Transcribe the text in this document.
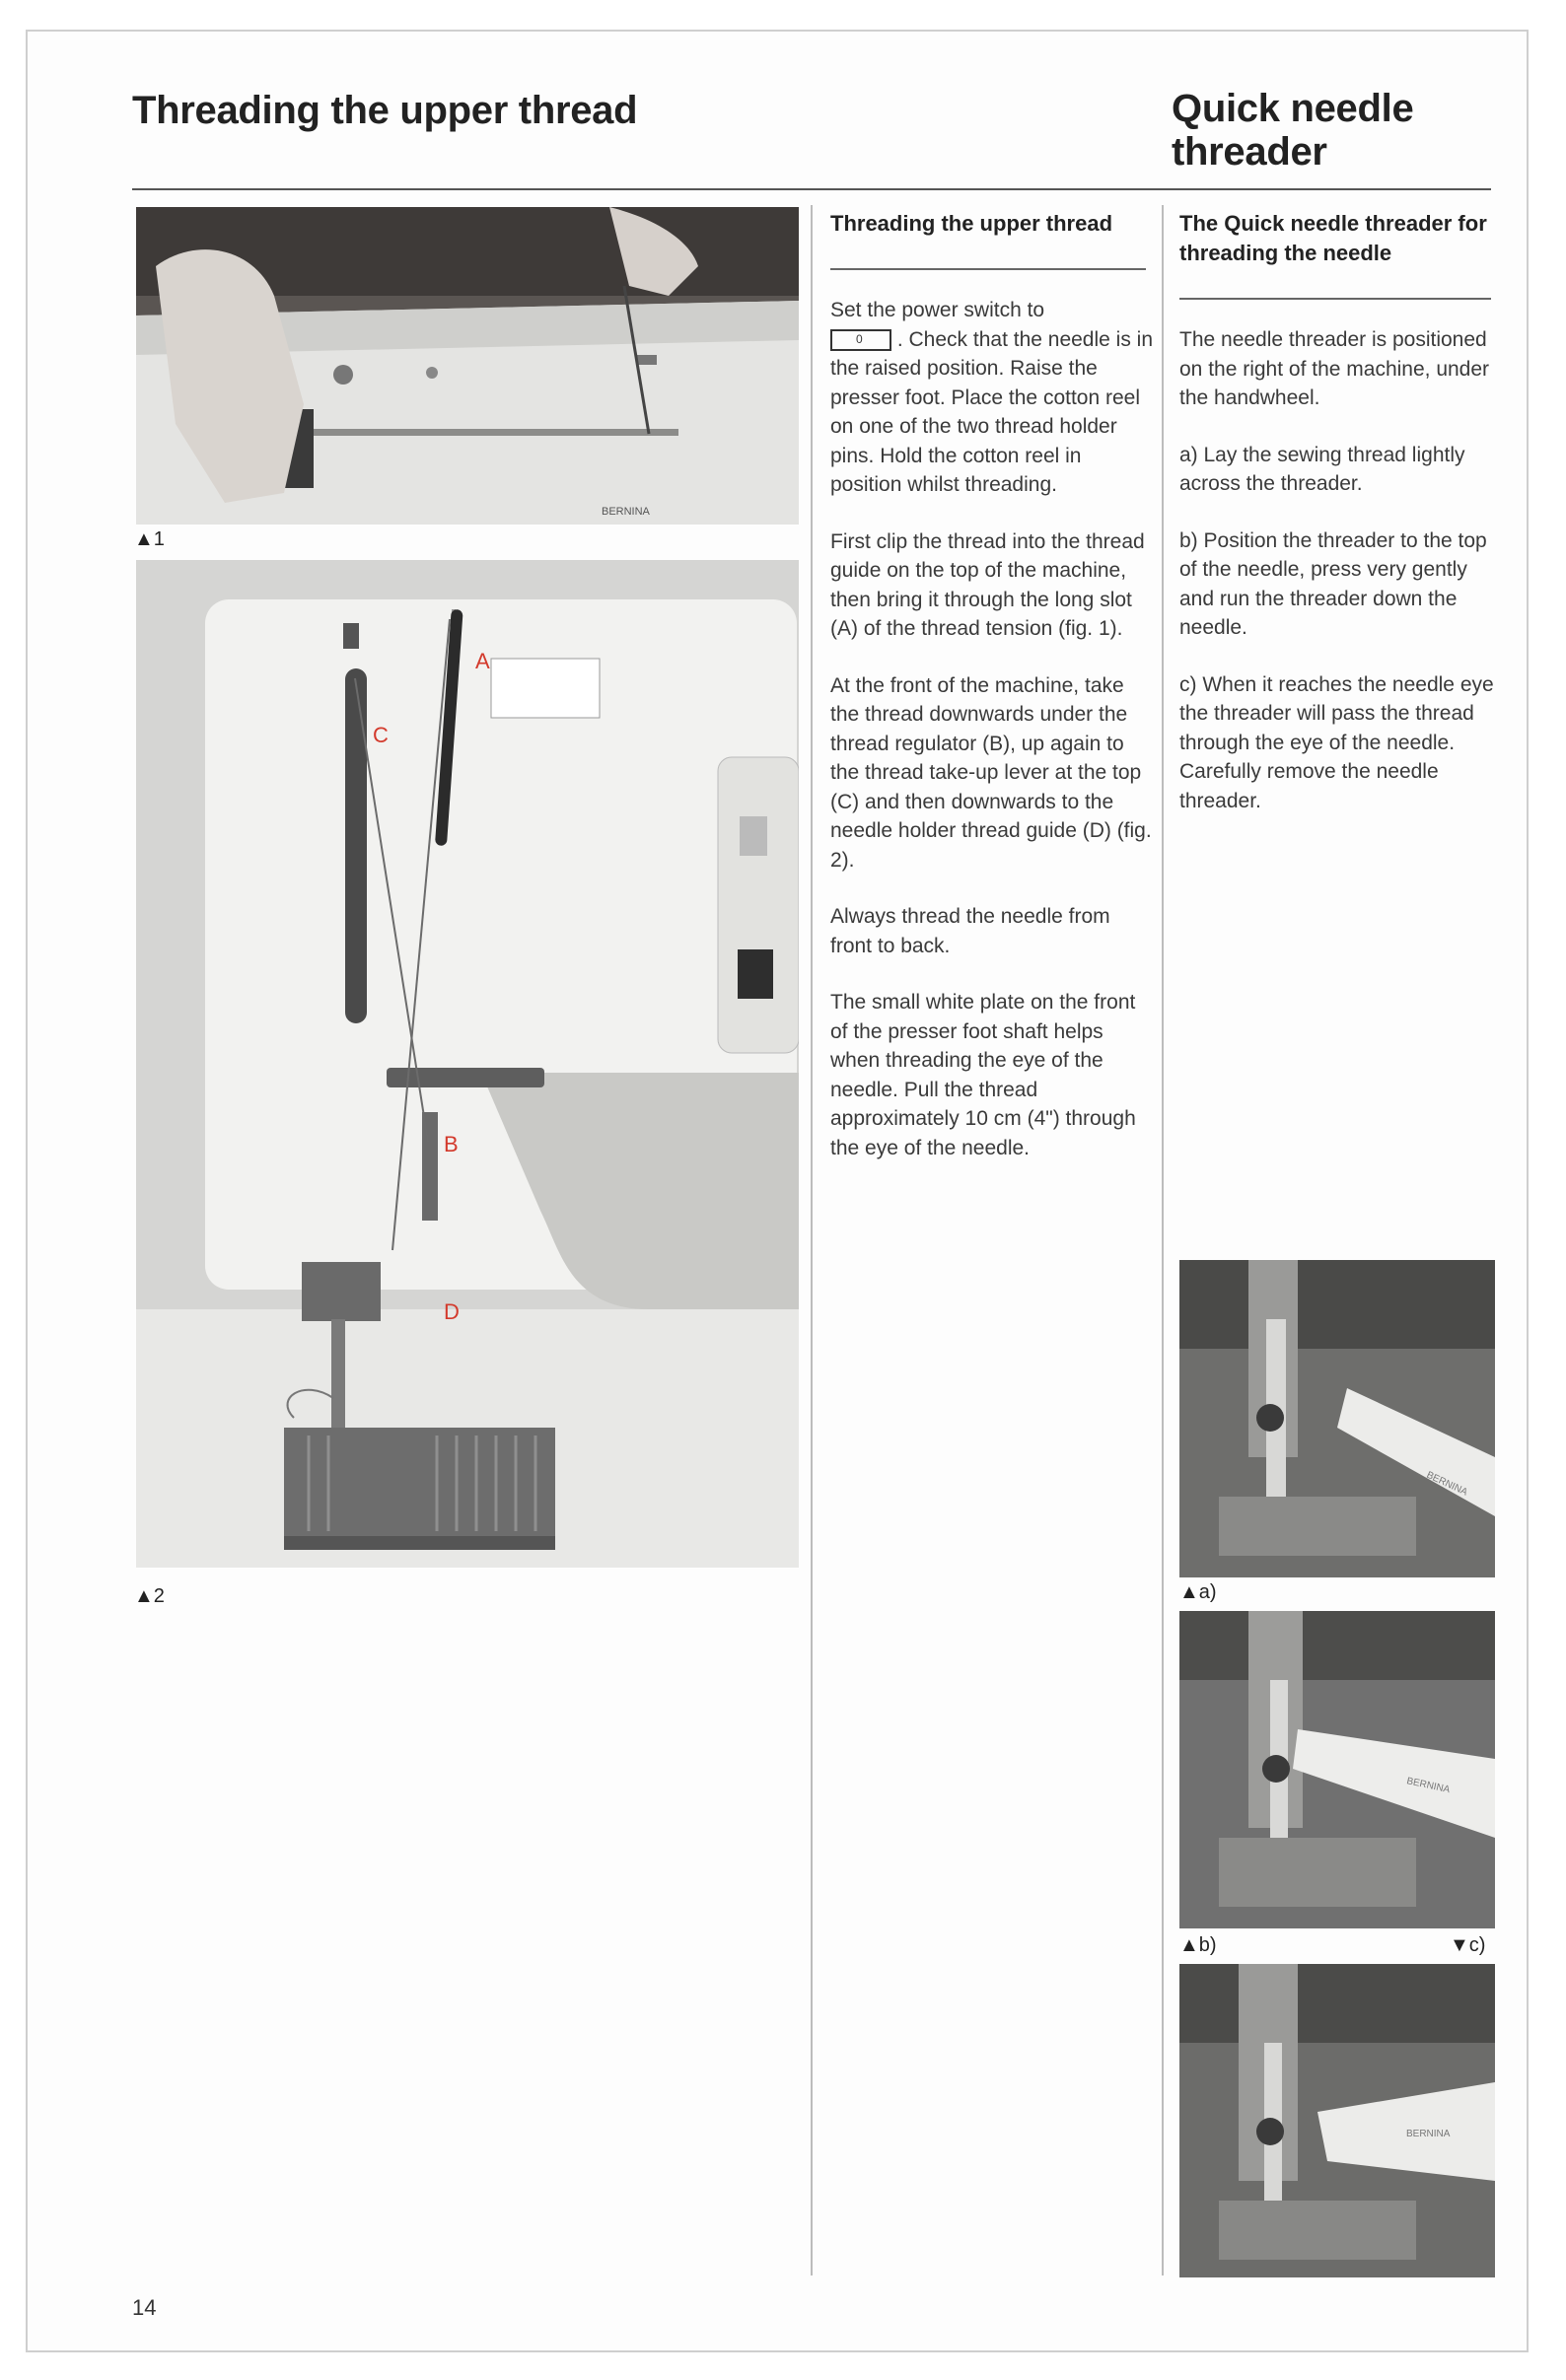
Threading the upper thread	Quick needle threader
BERNINA
▲1
A
B
C
D
▲2
Threading the upper thread

Set the power switch to

0 . Check that the needle is in the raised position. Raise the presser foot. Place the cotton reel on one of the two thread holder pins. Hold the cotton reel in position whilst threading.

First clip the thread into the thread guide on the top of the machine, then bring it through the long slot (A) of the thread tension (fig. 1).

At the front of the machine, take the thread downwards under the thread regulator (B), up again to the thread take-up lever at the top (C) and then downwards to the needle holder thread guide (D) (fig. 2).

Always thread the needle from front to back.

The small white plate on the front of the presser foot shaft helps when threading the eye of the needle. Pull the thread approximately 10 cm (4") through the eye of the needle.

The Quick needle threader for threading the needle

The needle threader is positioned on the right of the machine, under the handwheel.

a) Lay the sewing thread lightly across the threader.

b) Position the threader to the top of the needle, press very gently and run the threader down the needle.

c) When it reaches the needle eye the threader will pass the thread through the eye of the needle. Carefully remove the needle threader.

BERNINA
▲a)
BERNINA
▲b)	▼c)
BERNINA
14
